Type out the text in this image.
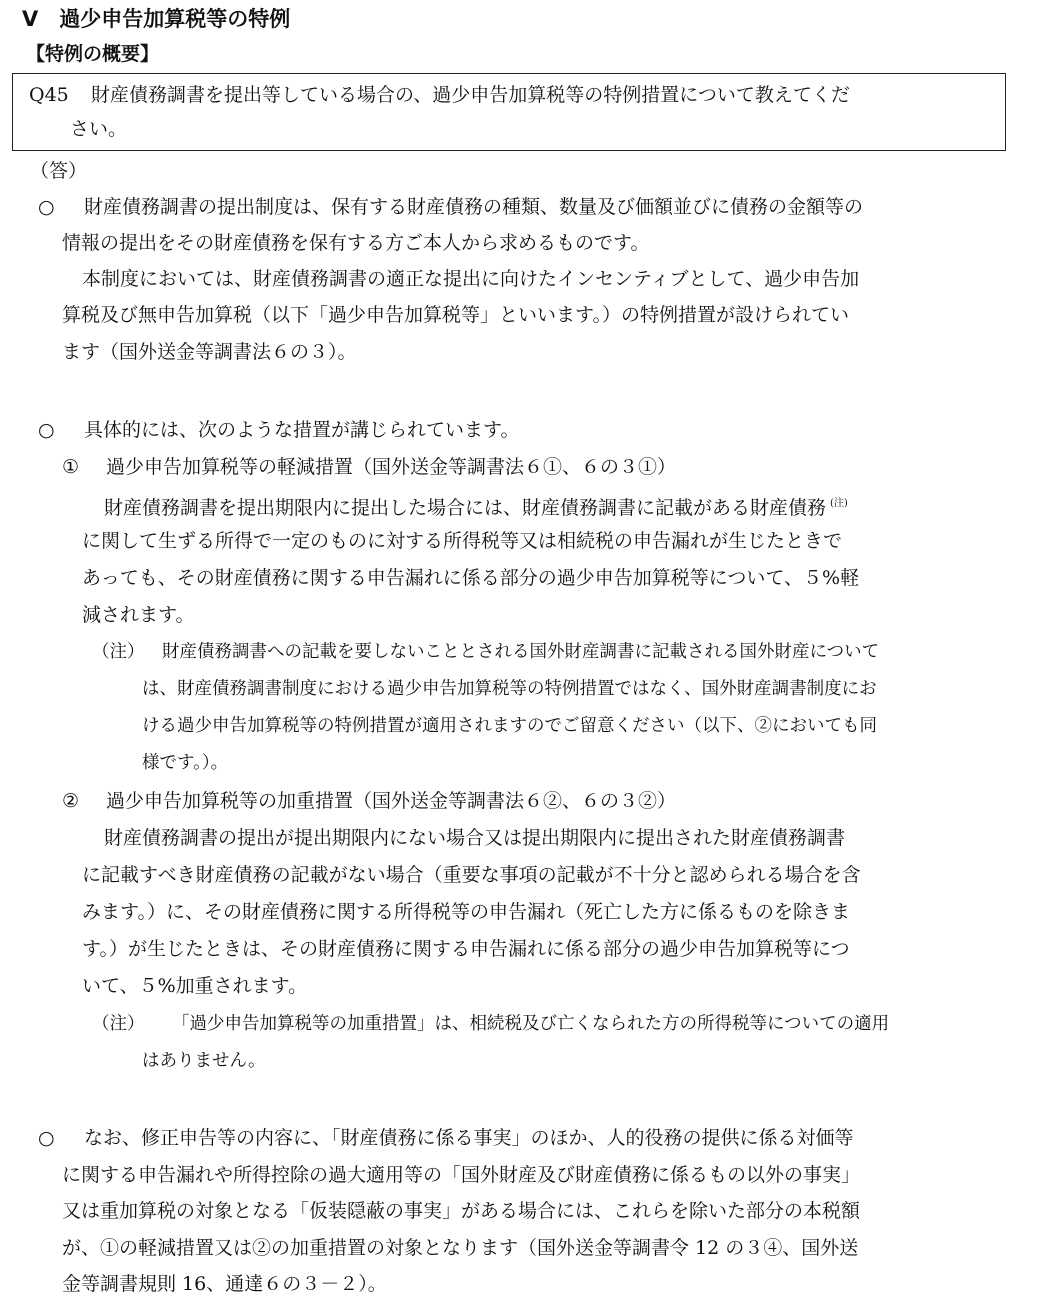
Ⅴ　過少申告加算税等の特例
【特例の概要】
Q45 財産債務調書を提出等している場合の、過少申告加算税等の特例措置について教えてくだ
さい。
（答）
○ 財産債務調書の提出制度は、保有する財産債務の種類、数量及び価額並びに債務の金額等の
情報の提出をその財産債務を保有する方ご本人から求めるものです。
本制度においては、財産債務調書の適正な提出に向けたインセンティブとして、過少申告加
算税及び無申告加算税（以下「過少申告加算税等」といいます。）の特例措置が設けられてい
ます（国外送金等調書法６の３）。
○ 具体的には、次のような措置が講じられています。
① 過少申告加算税等の軽減措置（国外送金等調書法６①、６の３①）
財産債務調書を提出期限内に提出した場合には、財産債務調書に記載がある財産債務 $^{(注)}$
に関して生ずる所得で一定のものに対する所得税等又は相続税の申告漏れが生じたときで
あっても、その財産債務に関する申告漏れに係る部分の過少申告加算税等について、５%軽
減されます。
（注） 財産債務調書への記載を要しないこととされる国外財産調書に記載される国外財産について
は、財産債務調書制度における過少申告加算税等の特例措置ではなく、国外財産調書制度にお
ける過少申告加算税等の特例措置が適用されますのでご留意ください（以下、②においても同
様です。）。
② 過少申告加算税等の加重措置（国外送金等調書法６②、６の３②）
財産債務調書の提出が提出期限内にない場合又は提出期限内に提出された財産債務調書
に記載すべき財産債務の記載がない場合（重要な事項の記載が不十分と認められる場合を含
みます。）に、その財産債務に関する所得税等の申告漏れ（死亡した方に係るものを除きま
す。）が生じたときは、その財産債務に関する申告漏れに係る部分の過少申告加算税等につ
いて、５%加重されます。
（注） 「過少申告加算税等の加重措置」は、相続税及び亡くなられた方の所得税等についての適用
はありません。
○ なお、修正申告等の内容に、「財産債務に係る事実」のほか、人的役務の提供に係る対価等
に関する申告漏れや所得控除の過大適用等の「国外財産及び財産債務に係るもの以外の事実」
又は重加算税の対象となる「仮装隠蔽の事実」がある場合には、これらを除いた部分の本税額
が、①の軽減措置又は②の加重措置の対象となります（国外送金等調書令 12 の３④、国外送
金等調書規則 16、通達６の３－２）。
